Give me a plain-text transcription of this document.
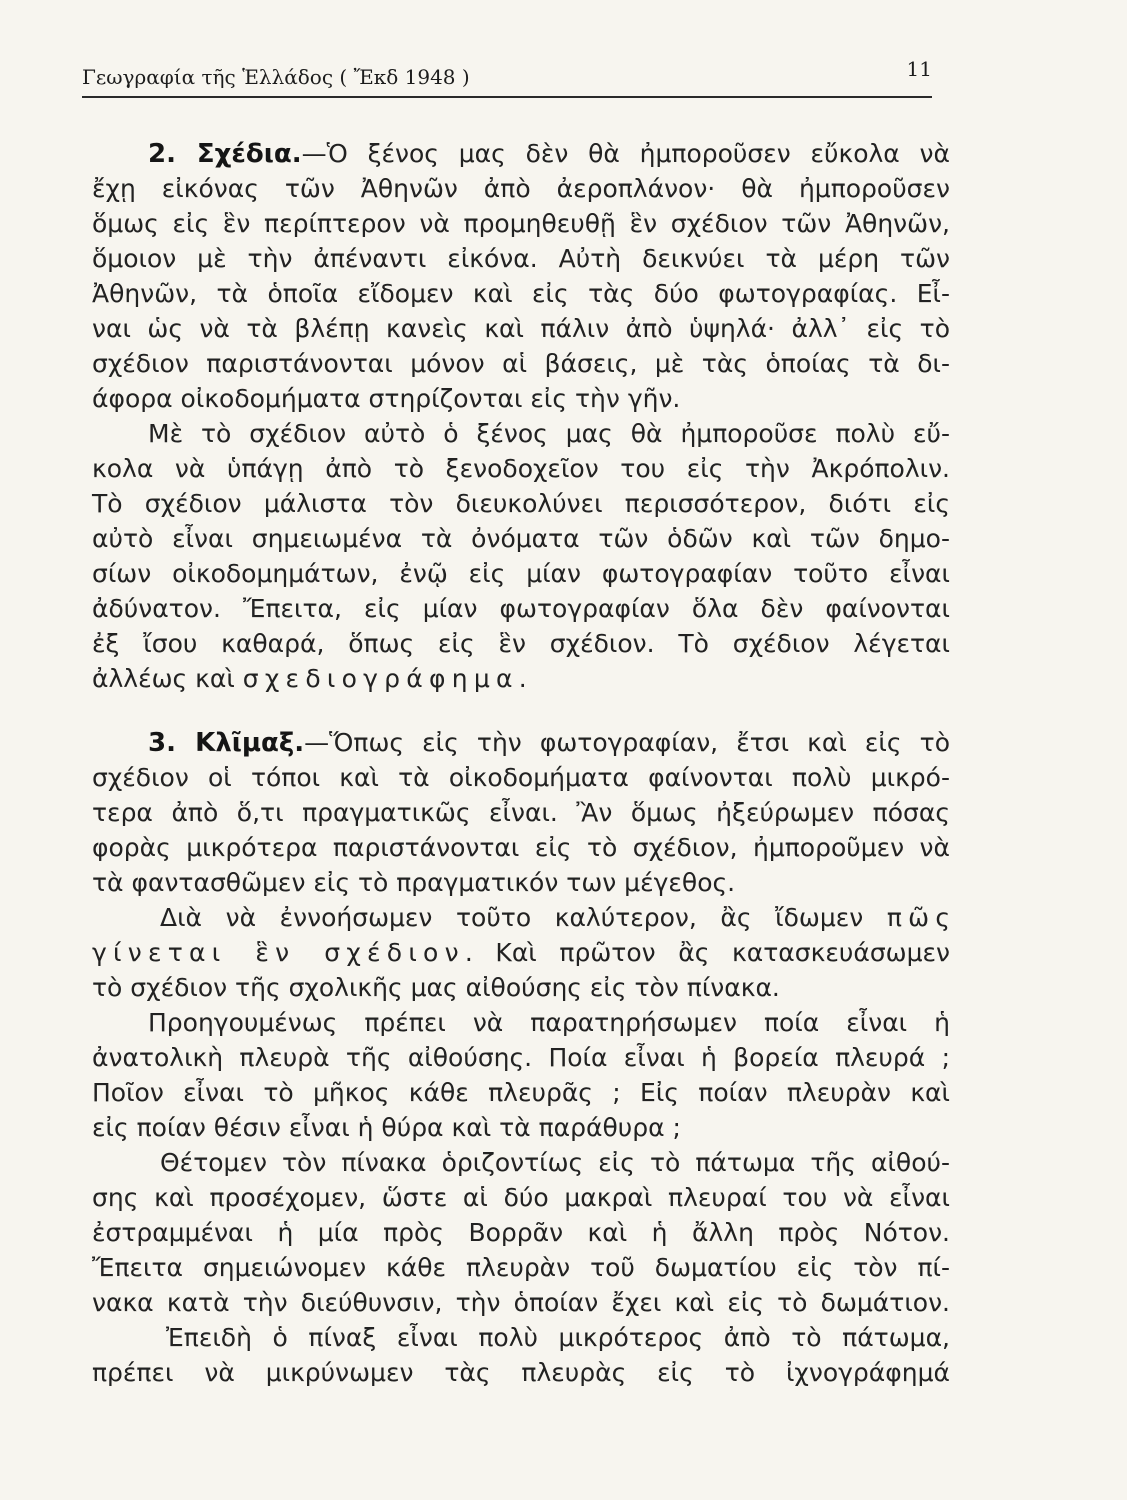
Γεωγραφία τῆς Ἑλλάδος ( Ἔκδ 1948 )	11
2. Σχέδια.—Ὁ ξένος μας δὲν θὰ ἠμποροῦσεν εὔκολα νὰ
ἔχῃ εἰκόνας τῶν Ἀθηνῶν ἀπὸ ἀεροπλάνον· θὰ ἠμποροῦσεν
ὅμως εἰς ἓν περίπτερον νὰ προμηθευθῇ ἓν σχέδιον τῶν Ἀθηνῶν,
ὅμοιον μὲ τὴν ἀπέναντι εἰκόνα. Αὐτὴ δεικνύει τὰ μέρη τῶν
Ἀθηνῶν, τὰ ὁποῖα εἴδομεν καὶ εἰς τὰς δύο φωτογραφίας. Εἶ-
ναι ὡς νὰ τὰ βλέπῃ κανεὶς καὶ πάλιν ἀπὸ ὑψηλά· ἀλλ᾽ εἰς τὸ
σχέδιον παριστάνονται μόνον αἱ βάσεις, μὲ τὰς ὁποίας τὰ δι-
άφορα οἰκοδομήματα στηρίζονται εἰς τὴν γῆν.
Μὲ τὸ σχέδιον αὐτὸ ὁ ξένος μας θὰ ἠμποροῦσε πολὺ εὔ-
κολα νὰ ὑπάγῃ ἀπὸ τὸ ξενοδοχεῖον του εἰς τὴν Ἀκρόπολιν.
Τὸ σχέδιον μάλιστα τὸν διευκολύνει περισσότερον, διότι εἰς
αὐτὸ εἶναι σημειωμένα τὰ ὀνόματα τῶν ὁδῶν καὶ τῶν δημο-
σίων οἰκοδομημάτων, ἐνῷ εἰς μίαν φωτογραφίαν τοῦτο εἶναι
ἀδύνατον. Ἔπειτα, εἰς μίαν φωτογραφίαν ὅλα δὲν φαίνονται
ἐξ ἴσου καθαρά, ὅπως εἰς ἓν σχέδιον. Τὸ σχέδιον λέγεται
ἀλλέως καὶ σχεδιογράφημα.
3. Κλῖμαξ.—Ὅπως εἰς τὴν φωτογραφίαν, ἔτσι καὶ εἰς τὸ
σχέδιον οἱ τόποι καὶ τὰ οἰκοδομήματα φαίνονται πολὺ μικρό-
τερα ἀπὸ ὅ,τι πραγματικῶς εἶναι. Ἂν ὅμως ἠξεύρωμεν πόσας
φορὰς μικρότερα παριστάνονται εἰς τὸ σχέδιον, ἠμποροῦμεν νὰ
τὰ φαντασθῶμεν εἰς τὸ πραγματικόν των μέγεθος.
Διὰ νὰ ἐννοήσωμεν τοῦτο καλύτερον, ἂς ἴδωμεν πῶς
γίνεται ἓν σχέδιον. Καὶ πρῶτον ἂς κατασκευάσωμεν
τὸ σχέδιον τῆς σχολικῆς μας αἰθούσης εἰς τὸν πίνακα.
Προηγουμένως πρέπει νὰ παρατηρήσωμεν ποία εἶναι ἡ
ἀνατολικὴ πλευρὰ τῆς αἰθούσης. Ποία εἶναι ἡ βορεία πλευρά ;
Ποῖον εἶναι τὸ μῆκος κάθε πλευρᾶς ; Εἰς ποίαν πλευρὰν καὶ
εἰς ποίαν θέσιν εἶναι ἡ θύρα καὶ τὰ παράθυρα ;
Θέτομεν τὸν πίνακα ὁριζοντίως εἰς τὸ πάτωμα τῆς αἰθού-
σης καὶ προσέχομεν, ὥστε αἱ δύο μακραὶ πλευραί του νὰ εἶναι
ἐστραμμέναι ἡ μία πρὸς Βορρᾶν καὶ ἡ ἄλλη πρὸς Νότον.
Ἔπειτα σημειώνομεν κάθε πλευρὰν τοῦ δωματίου εἰς τὸν πί-
νακα κατὰ τὴν διεύθυνσιν, τὴν ὁποίαν ἔχει καὶ εἰς τὸ δωμάτιον.
Ἐπειδὴ ὁ πίναξ εἶναι πολὺ μικρότερος ἀπὸ τὸ πάτωμα,
πρέπει νὰ μικρύνωμεν τὰς πλευρὰς εἰς τὸ ἰχνογράφημά
